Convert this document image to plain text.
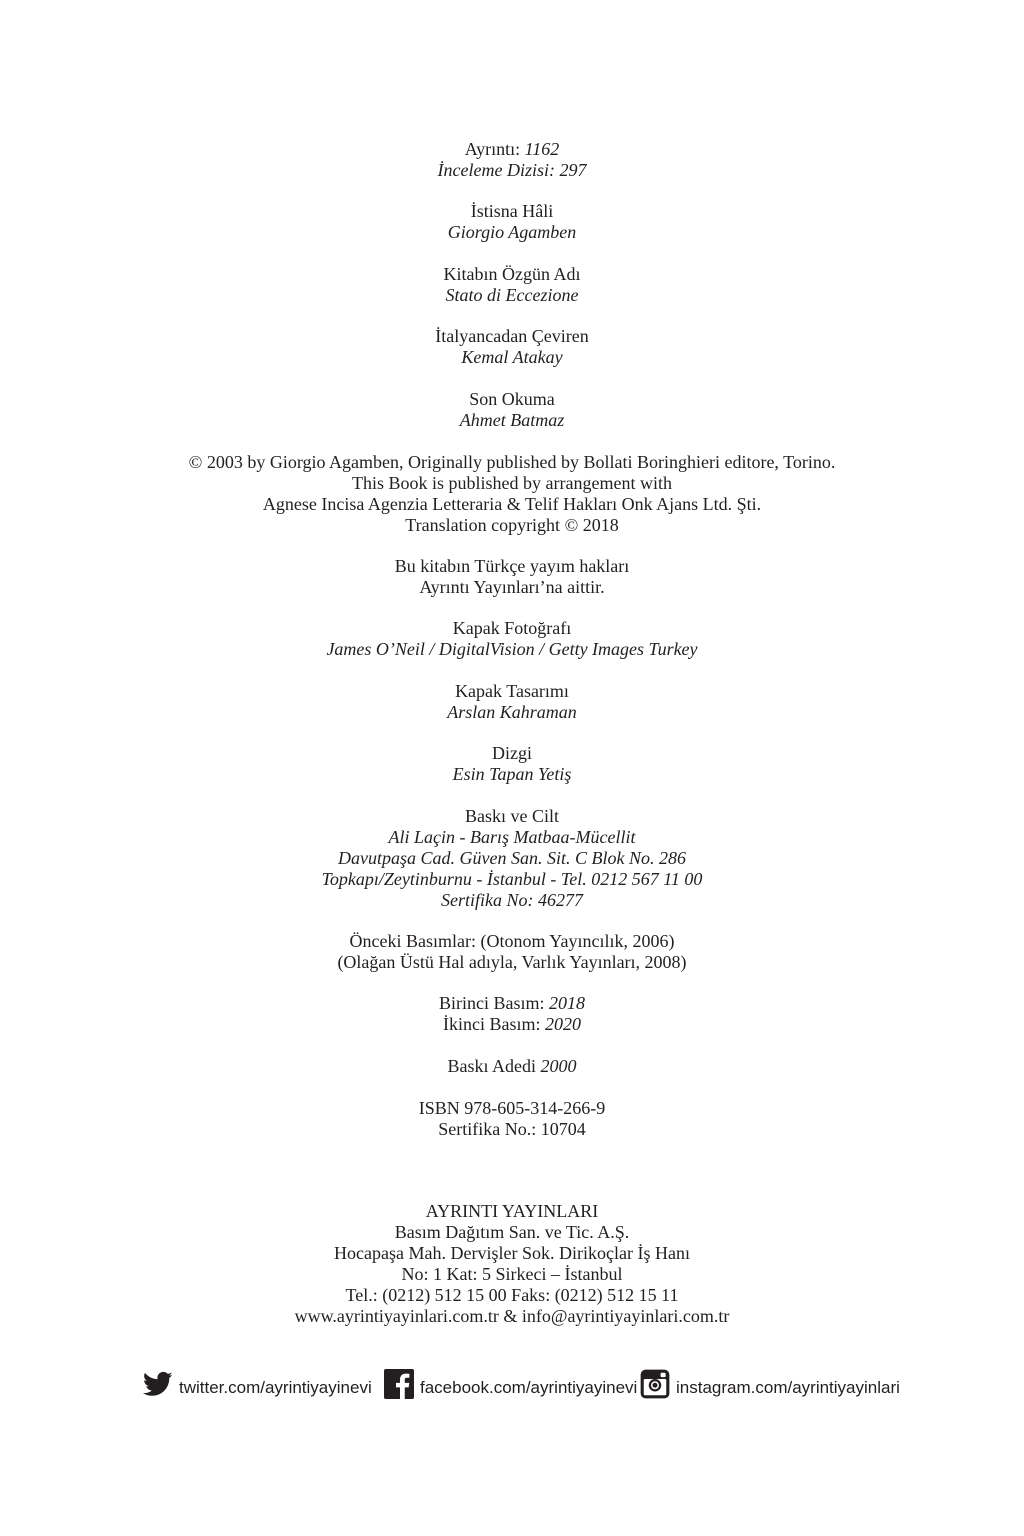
Ayrıntı: 1162
İnceleme Dizisi: 297
İstisna Hâli
Giorgio Agamben
Kitabın Özgün Adı
Stato di Eccezione
İtalyancadan Çeviren
Kemal Atakay
Son Okuma
Ahmet Batmaz
© 2003 by Giorgio Agamben, Originally published by Bollati Boringhieri editore, Torino.
This Book is published by arrangement with
Agnese Incisa Agenzia Letteraria & Telif Hakları Onk Ajans Ltd. Şti.
Translation copyright © 2018
Bu kitabın Türkçe yayım hakları
Ayrıntı Yayınları’na aittir.
Kapak Fotoğrafı
James O’Neil / DigitalVision / Getty Images Turkey
Kapak Tasarımı
Arslan Kahraman
Dizgi
Esin Tapan Yetiş
Baskı ve Cilt
Ali Laçin - Barış Matbaa-Mücellit
Davutpaşa Cad. Güven San. Sit. C Blok No. 286
Topkapı/Zeytinburnu - İstanbul - Tel. 0212 567 11 00
Sertifika No: 46277
Önceki Basımlar: (Otonom Yayıncılık, 2006)
(Olağan Üstü Hal adıyla, Varlık Yayınları, 2008)
Birinci Basım: 2018
İkinci Basım: 2020
Baskı Adedi 2000
ISBN 978-605-314-266-9
Sertifika No.: 10704
AYRINTI YAYINLARI
Basım Dağıtım San. ve Tic. A.Ş.
Hocapaşa Mah. Dervişler Sok. Dirikoçlar İş Hanı
No: 1 Kat: 5 Sirkeci – İstanbul
Tel.: (0212) 512 15 00 Faks: (0212) 512 15 11
www.ayrintiyayinlari.com.tr & info@ayrintiyayinlari.com.tr
twitter.com/ayrintiyayinevi	facebook.com/ayrintiyayinevi instagram.com/ayrintiyayinlari
